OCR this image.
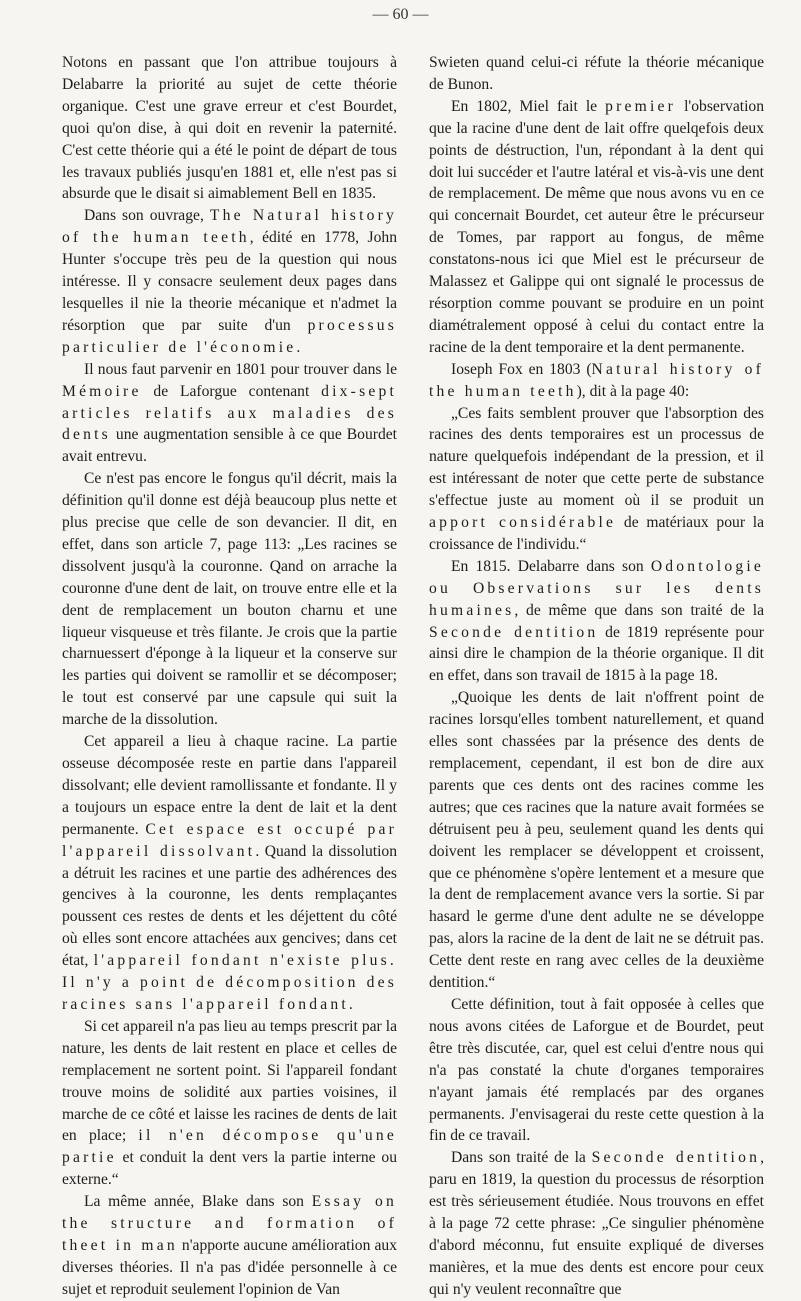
— 60 —

Notons en passant que l'on attribue toujours à Delabarre la priorité au sujet de cette théorie organique. C'est une grave erreur et c'est Bourdet, quoi qu'on dise, à qui doit en revenir la paternité. C'est cette théorie qui a été le point de départ de tous les travaux publiés jusqu'en 1881 et, elle n'est pas si absurde que le disait si aimablement Bell en 1835.

Dans son ouvrage, The Natural history of the human teeth, édité en 1778, John Hunter s'occupe très peu de la question qui nous intéresse. Il y consacre seulement deux pages dans lesquelles il nie la theorie mécanique et n'admet la résorption que par suite d'un processus particulier de l'économie.

Il nous faut parvenir en 1801 pour trouver dans le Mémoire de Laforgue contenant dix-sept articles relatifs aux maladies des dents une augmentation sensible à ce que Bourdet avait entrevu.

Ce n'est pas encore le fongus qu'il décrit, mais la définition qu'il donne est déjà beaucoup plus nette et plus precise que celle de son devancier. Il dit, en effet, dans son article 7, page 113: „Les racines se dissolvent jusqu'à la couronne. Qand on arrache la couronne d'une dent de lait, on trouve entre elle et la dent de remplacement un bouton charnu et une liqueur visqueuse et très filante. Je crois que la partie charnuessert d'éponge à la liqueur et la conserve sur les parties qui doivent se ramollir et se décomposer; le tout est conservé par une capsule qui suit la marche de la dissolution.

Cet appareil a lieu à chaque racine. La partie osseuse décomposée reste en partie dans l'appareil dissolvant; elle devient ramollissante et fondante. Il y a toujours un espace entre la dent de lait et la dent permanente. Cet espace est occupé par l'appareil dissolvant. Quand la dissolution a détruit les racines et une partie des adhérences des gencives à la couronne, les dents remplaçantes poussent ces restes de dents et les déjettent du côté où elles sont encore attachées aux gencives; dans cet état, l'appareil fondant n'existe plus. Il n'y a point de décomposition des racines sans l'appareil fondant.

Si cet appareil n'a pas lieu au temps prescrit par la nature, les dents de lait restent en place et celles de remplacement ne sortent point. Si l'appareil fondant trouve moins de solidité aux parties voisines, il marche de ce côté et laisse les racines de dents de lait en place; il n'en décompose qu'une partie et conduit la dent vers la partie interne ou externe.“

La même année, Blake dans son Essay on the structure and formation of theet in man n'apporte aucune amélioration aux diverses théories. Il n'a pas d'idée personnelle à ce sujet et reproduit seulement l'opinion de Van

Swieten quand celui-ci réfute la théorie mécanique de Bunon.

En 1802, Miel fait le premier l'observation que la racine d'une dent de lait offre quelqefois deux points de déstruction, l'un, répondant à la dent qui doit lui succéder et l'autre latéral et vis-à-vis une dent de remplacement. De même que nous avons vu en ce qui concernait Bourdet, cet auteur être le précurseur de Tomes, par rapport au fongus, de même constatons-nous ici que Miel est le précurseur de Malassez et Galippe qui ont signalé le processus de résorption comme pouvant se produire en un point diamétralement opposé à celui du contact entre la racine de la dent temporaire et la dent permanente.

Ioseph Fox en 1803 (Natural history of the human teeth), dit à la page 40:

„Ces faits semblent prouver que l'absorption des racines des dents temporaires est un processus de nature quelquefois indépendant de la pression, et il est intéressant de noter que cette perte de substance s'effectue juste au moment où il se produit un apport considérable de matériaux pour la croissance de l'individu.“

En 1815. Delabarre dans son Odontologie ou Observations sur les dents humaines, de même que dans son traité de la Seconde dentition de 1819 représente pour ainsi dire le champion de la théorie organique. Il dit en effet, dans son travail de 1815 à la page 18.

„Quoique les dents de lait n'offrent point de racines lorsqu'elles tombent naturellement, et quand elles sont chassées par la présence des dents de remplacement, cependant, il est bon de dire aux parents que ces dents ont des racines comme les autres; que ces racines que la nature avait formées se détruisent peu à peu, seulement quand les dents qui doivent les remplacer se développent et croissent, que ce phénomène s'opère lentement et a mesure que la dent de remplacement avance vers la sortie. Si par hasard le germe d'une dent adulte ne se développe pas, alors la racine de la dent de lait ne se détruit pas. Cette dent reste en rang avec celles de la deuxième dentition.“

Cette définition, tout à fait opposée à celles que nous avons citées de Laforgue et de Bourdet, peut être très discutée, car, quel est celui d'entre nous qui n'a pas constaté la chute d'organes temporaires n'ayant jamais été remplacés par des organes permanents. J'envisagerai du reste cette question à la fin de ce travail.

Dans son traité de la Seconde dentition, paru en 1819, la question du processus de résorption est très sérieusement étudiée. Nous trouvons en effet à la page 72 cette phrase: „Ce singulier phénomène d'abord méconnu, fut ensuite expliqué de diverses manières, et la mue des dents est encore pour ceux qui n'y veulent reconnaître que
